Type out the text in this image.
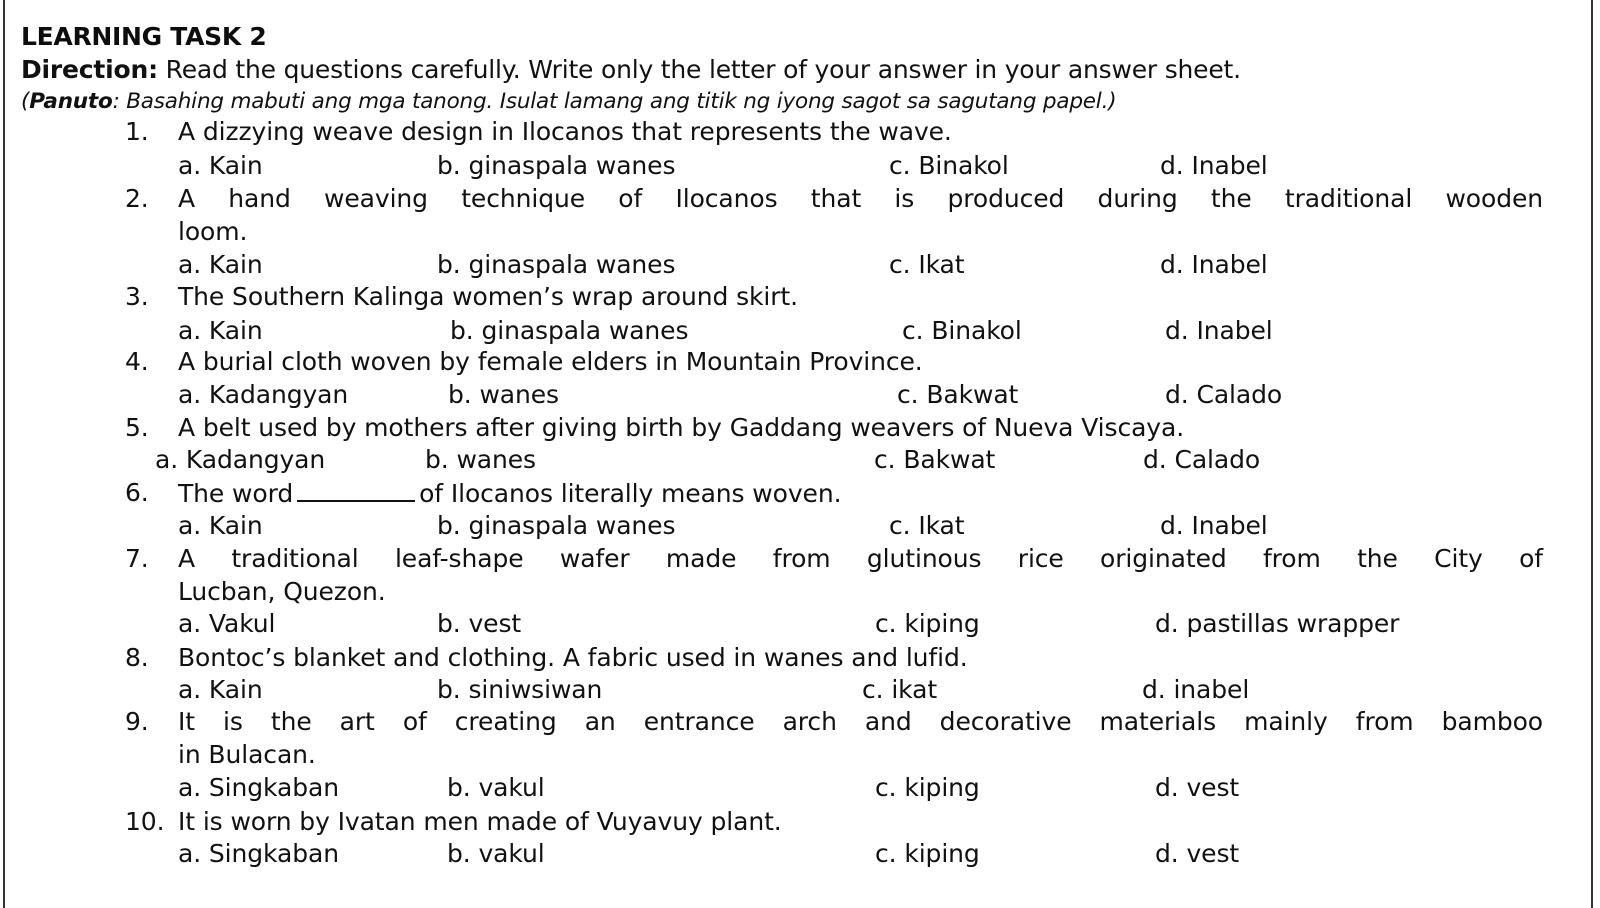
LEARNING TASK 2
Direction: Read the questions carefully. Write only the letter of your answer in your answer sheet.
(Panuto: Basahing mabuti ang mga tanong. Isulat lamang ang titik ng iyong sagot sa sagutang papel.)
1. A dizzying weave design in Ilocanos that represents the wave.
a. Kain	b. ginaspala wanes	c. Binakol	d. Inabel
2. A hand weaving technique of Ilocanos that is produced during the traditional wooden
loom.
a. Kain	b. ginaspala wanes	c. Ikat	d. Inabel
3. The Southern Kalinga women’s wrap around skirt.
a. Kain	b. ginaspala wanes	c. Binakol	d. Inabel
4. A burial cloth woven by female elders in Mountain Province.
a. Kadangyan	b. wanes	c. Bakwat	d. Calado
5. A belt used by mothers after giving birth by Gaddang weavers of Nueva Viscaya.
a. Kadangyan	b. wanes	c. Bakwat	d. Calado
6. The word	of Ilocanos literally means woven.
a. Kain	b. ginaspala wanes	c. Ikat	d. Inabel
7. A traditional leaf-shape wafer made from glutinous rice originated from the City of
Lucban, Quezon.
a. Vakul	b. vest	c. kiping	d. pastillas wrapper
8. Bontoc’s blanket and clothing. A fabric used in wanes and lufid.
a. Kain	b. siniwsiwan	c. ikat	d. inabel
9. It is the art of creating an entrance arch and decorative materials mainly from bamboo
in Bulacan.
a. Singkaban	b. vakul	c. kiping	d. vest
10. It is worn by Ivatan men made of Vuyavuy plant.
a. Singkaban	b. vakul	c. kiping	d. vest
